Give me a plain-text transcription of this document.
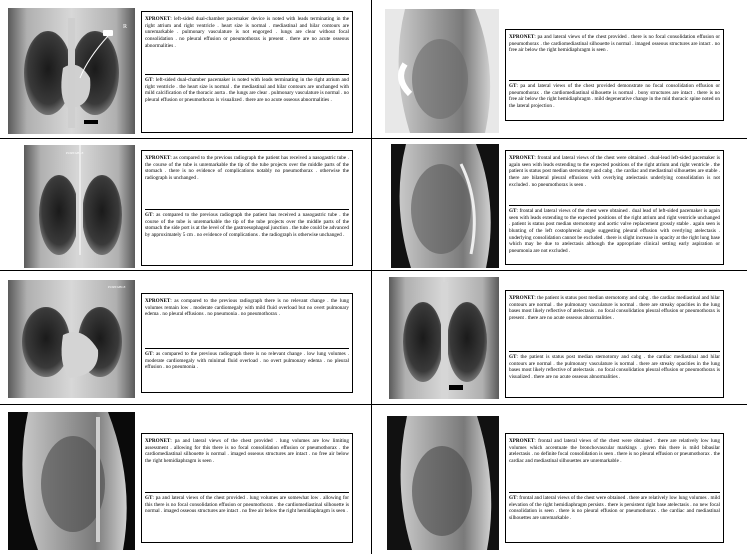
R

XPRONET: left-sided dual-chamber pacemaker device is noted with leads terminating in the right atrium and right ventricle . heart size is normal . mediastinal and hilar contours are unremarkable . pulmonary vasculature is not engorged . lungs are clear without focal consolidation . no pleural effusion or pneumothorax is present . there are no acute osseous abnormalities .

GT: left-sided dual-chamber pacemaker is noted with leads terminating in the right atrium and right ventricle . the heart size is normal . the mediastinal and hilar contours are unchanged with mild calcification of the thoracic aorta . the lungs are clear . pulmonary vasculature is normal . no pleural effusion or pneumothorax is visualized . there are no acute osseous abnormalities .

XPRONET: pa and lateral views of the chest provided . there is no focal consolidation effusion or pneumothorax . the cardiomediastinal silhouette is normal . imaged osseous structures are intact . no free air below the right hemidiaphragm is seen .

GT: pa and lateral views of the chest provided demonstrate no focal consolidation effusion or pneumothorax . the cardiomediastinal silhouette is normal . bony structures are intact . there is no free air below the right hemidiaphragm . mild degenerative change in the mid thoracic spine noted on the lateral projection .

PORTABLE

XPRONET: as compared to the previous radiograph the patient has received a nasogastric tube . the course of the tube is unremarkable the tip of the tube projects over the middle parts of the stomach . there is no evidence of complications notably no pneumothorax . otherwise the radiograph is unchanged .

GT: as compared to the previous radiograph the patient has received a nasogastric tube . the course of the tube is unremarkable the tip of the tube projects over the middle parts of the stomach the side port is at the level of the gastroesophageal junction . the tube could be advanced by approximately 5 cm . no evidence of complications . the radiograph is otherwise unchanged .

XPRONET: frontal and lateral views of the chest were obtained . dual-lead left-sided pacemaker is again seen with leads extending to the expected positions of the right atrium and right ventricle . the patient is status post median sternotomy and cabg . the cardiac and mediastinal silhouettes are stable . there are bilateral pleural effusions with overlying atelectasis underlying consolidation is not excluded . no pneumothorax is seen .

GT: frontal and lateral views of the chest were obtained . dual lead of left-sided pacemaker is again seen with leads extending to the expected positions of the right atrium and right ventricle unchanged . patient is status post median sternotomy and aortic valve replacement grossly stable . again seen is blunting of the left costophrenic angle suggesting pleural effusion with overlying atelectasis . underlying consolidation cannot be excluded . there is slight increase in opacity at the right lung base which may be due to atelectasis although the appropriate clinical setting early aspiration or pneumonia are not excluded .

PORTABLE

XPRONET: as compared to the previous radiograph there is no relevant change . the lung volumes remain low . moderate cardiomegaly with mild fluid overload but no overt pulmonary edema . no pleural effusions . no pneumonia . no pneumothorax .

GT: as compared to the previous radiograph there is no relevant change . low lung volumes . moderate cardiomegaly with minimal fluid overload . no overt pulmonary edema . no pleural effusion . no pneumonia .

XPRONET: the patient is status post median sternotomy and cabg . the cardiac mediastinal and hilar contours are normal . the pulmonary vasculature is normal . there are streaky opacities in the lung bases most likely reflective of atelectasis . no focal consolidation pleural effusion or pneumothorax is present . there are no acute osseous abnormalities .

GT: the patient is status post median sternotomy and cabg . the cardiac mediastinal and hilar contours are normal . the pulmonary vasculature is normal . there are streaky opacities in the lung bases most likely reflective of atelectasis . no focal consolidation pleural effusion or pneumothorax is visualized . there are no acute osseous abnormalities .

XPRONET: pa and lateral views of the chest provided . lung volumes are low limiting assessment . allowing for this there is no focal consolidation effusion or pneumothorax . the cardiomediastinal silhouette is normal . imaged osseous structures are intact . no free air below the right hemidiaphragm is seen .

GT: pa and lateral views of the chest provided . lung volumes are somewhat low . allowing for this there is no focal consolidation effusion or pneumothorax . the cardiomediastinal silhouette is normal . imaged osseous structures are intact . no free air below the right hemidiaphragm is seen .

XPRONET: frontal and lateral views of the chest were obtained . there are relatively low lung volumes which accentuate the bronchovascular markings . given this there is mild bibasilar atelectasis . no definite focal consolidation is seen . there is no pleural effusion or pneumothorax . the cardiac and mediastinal silhouettes are unremarkable .

GT: frontal and lateral views of the chest were obtained . there are relatively low lung volumes . mild elevation of the right hemidiaphragm persists . there is persistent right base atelectasis . no new focal consolidation is seen . there is no pleural effusion or pneumothorax . the cardiac and mediastinal silhouettes are unremarkable .
